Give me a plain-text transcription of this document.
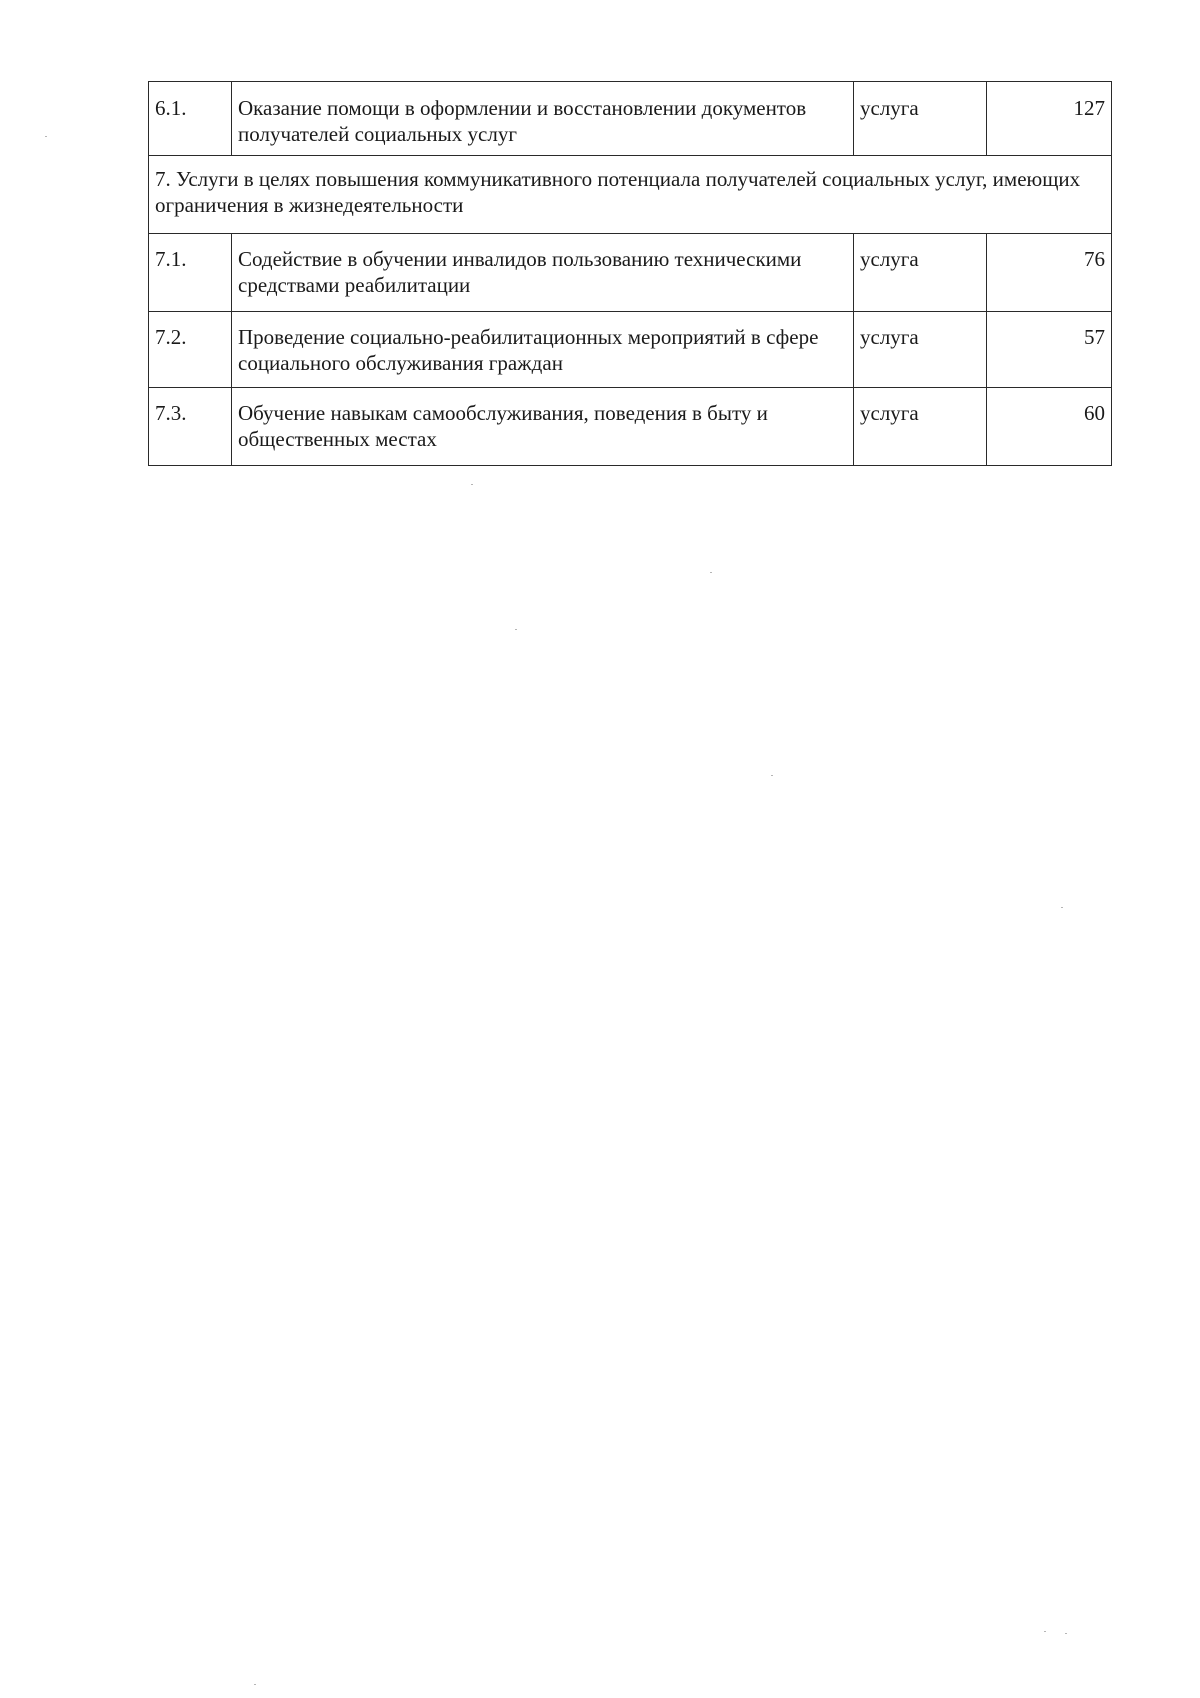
6.1.	Оказание помощи в оформлении и восстановлении документов получателей социальных услуг	услуга	127
7. Услуги в целях повышения коммуникативного потенциала получателей социальных услуг, имеющих ограничения в жизнедеятельности			
7.1.	Содействие в обучении инвалидов пользованию техническими средствами реабилитации	услуга	76
7.2.	Проведение социально-реабилитационных мероприятий в сфере социального обслуживания граждан	услуга	57
7.3.	Обучение навыкам самообслуживания, поведения в быту и общественных местах	услуга	60
